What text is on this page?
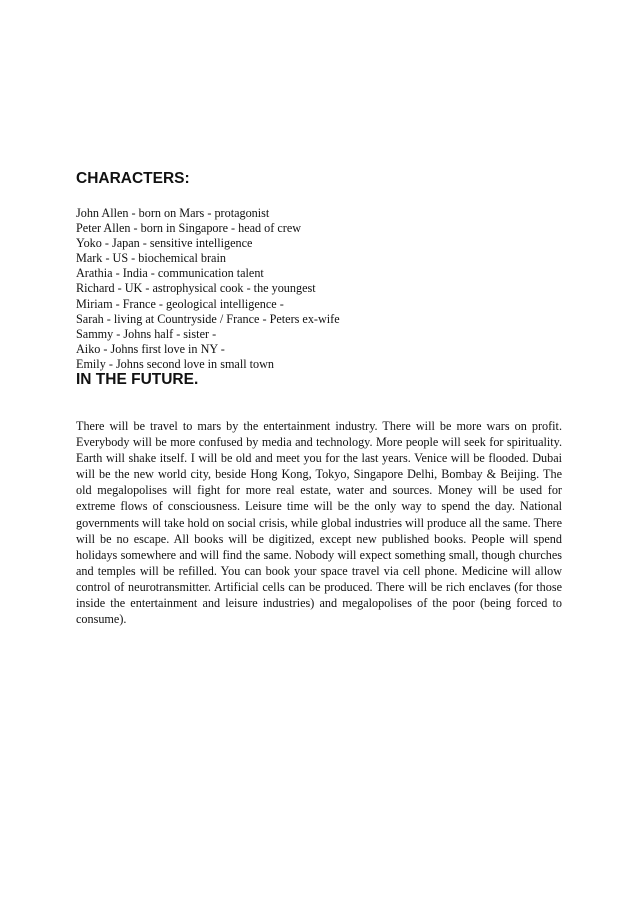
CHARACTERS:
John Allen - born on Mars - protagonist
Peter Allen - born in Singapore - head of crew
Yoko - Japan - sensitive intelligence
Mark - US - biochemical brain
Arathia - India - communication talent
Richard - UK - astrophysical cook - the youngest
Miriam - France - geological intelligence -
Sarah - living at Countryside / France - Peters ex-wife
Sammy - Johns half - sister -
Aiko - Johns first love in NY -
Emily - Johns second love in small town
IN THE FUTURE.

There will be travel to mars by the entertainment industry. There will be more wars on profit. Everybody will be more confused by media and technology. More people will seek for spirituality. Earth will shake itself. I will be old and meet you for the last years. Venice will be flooded. Dubai will be the new world city, beside Hong Kong, Tokyo, Singapore Delhi, Bombay & Beijing. The old megalopolises will fight for more real estate, water and sources. Money will be used for extreme flows of consciousness. Leisure time will be the only way to spend the day. National governments will take hold on social crisis, while global industries will produce all the same. There will be no escape. All books will be digitized, except new published books. People will spend holidays somewhere and will find the same. Nobody will expect something small, though churches and temples will be refilled. You can book your space travel via cell phone. Medicine will allow control of neurotransmitter. Artificial cells can be produced. There will be rich enclaves (for those inside the entertainment and leisure industries) and megalopolises of the poor (being forced to consume).
